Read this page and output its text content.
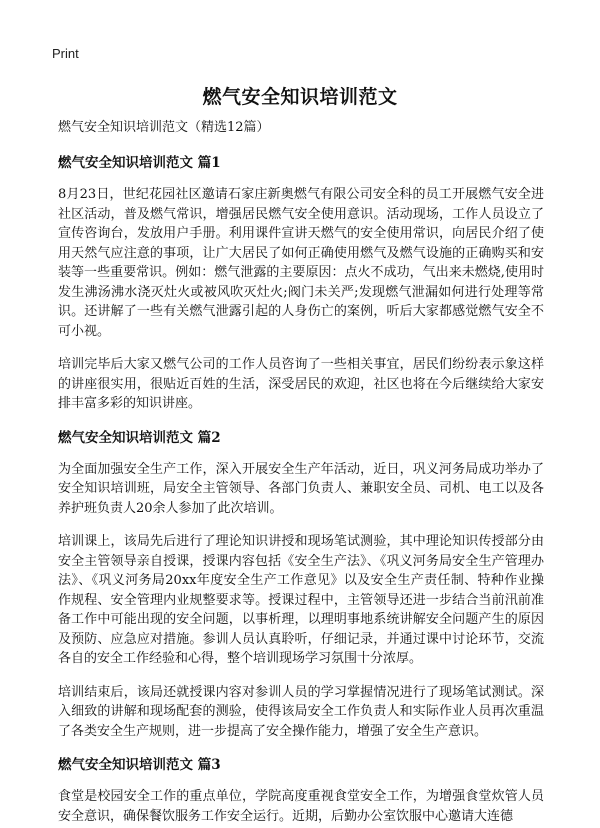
Print
燃气安全知识培训范文

燃气安全知识培训范文（精选12篇）

燃气安全知识培训范文 篇1

8月23日，世纪花园社区邀请石家庄新奥燃气有限公司安全科的员工开展燃气安全进社区活动，普及燃气常识，增强居民燃气安全使用意识。活动现场，工作人员设立了宣传咨询台，发放用户手册。利用课件宣讲天燃气的安全使用常识，向居民介绍了使用天然气应注意的事项，让广大居民了如何正确使用燃气及燃气设施的正确购买和安装等一些重要常识。例如：燃气泄露的主要原因：点火不成功，气出来未燃烧,使用时发生沸汤沸水浇灭灶火或被风吹灭灶火;阀门未关严;发现燃气泄漏如何进行处理等常识。还讲解了一些有关燃气泄露引起的人身伤亡的案例，听后大家都感觉燃气安全不可小视。

培训完毕后大家又燃气公司的工作人员咨询了一些相关事宜，居民们纷纷表示象这样的讲座很实用，很贴近百姓的生活，深受居民的欢迎，社区也将在今后继续给大家安排丰富多彩的知识讲座。

燃气安全知识培训范文 篇2

为全面加强安全生产工作，深入开展安全生产年活动，近日，巩义河务局成功举办了安全知识培训班，局安全主管领导、各部门负责人、兼职安全员、司机、电工以及各养护班负责人20余人参加了此次培训。

培训课上，该局先后进行了理论知识讲授和现场笔试测验，其中理论知识传授部分由安全主管领导亲自授课，授课内容包括《安全生产法》、《巩义河务局安全生产管理办法》、《巩义河务局20xx年度安全生产工作意见》以及安全生产责任制、特种作业操作规程、安全管理内业规整要求等。授课过程中，主管领导还进一步结合当前汛前准备工作中可能出现的安全问题，以事析理，以理明事地系统讲解安全问题产生的原因及预防、应急应对措施。参训人员认真聆听，仔细记录，并通过课中讨论环节，交流各自的安全工作经验和心得，整个培训现场学习氛围十分浓厚。

培训结束后，该局还就授课内容对参训人员的学习掌握情况进行了现场笔试测试。深入细致的讲解和现场配套的测验，使得该局安全工作负责人和实际作业人员再次重温了各类安全生产规则，进一步提高了安全操作能力，增强了安全生产意识。

燃气安全知识培训范文 篇3

食堂是校园安全工作的重点单位，学院高度重视食堂安全工作，为增强食堂炊管人员安全意识，确保餐饮服务工作安全运行。近期，后勤办公室饮服中心邀请大连德
